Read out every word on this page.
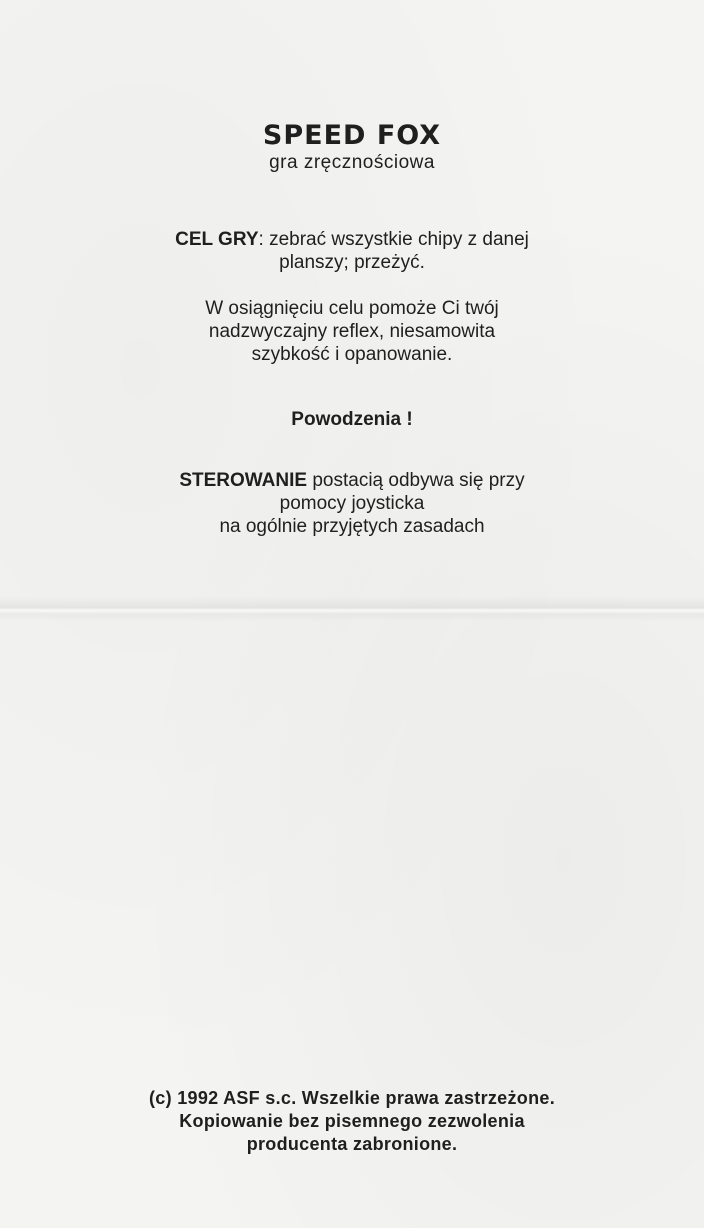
SPEED FOX
gra zręcznościowa
CEL GRY: zebrać wszystkie chipy z danej
planszy; przeżyć.
W osiągnięciu celu pomoże Ci twój
nadzwyczajny reflex, niesamowita
szybkość i opanowanie.
Powodzenia !
STEROWANIE postacią odbywa się przy
pomocy joysticka
na ogólnie przyjętych zasadach
(c) 1992 ASF s.c. Wszelkie prawa zastrzeżone.
Kopiowanie bez pisemnego zezwolenia
producenta zabronione.
